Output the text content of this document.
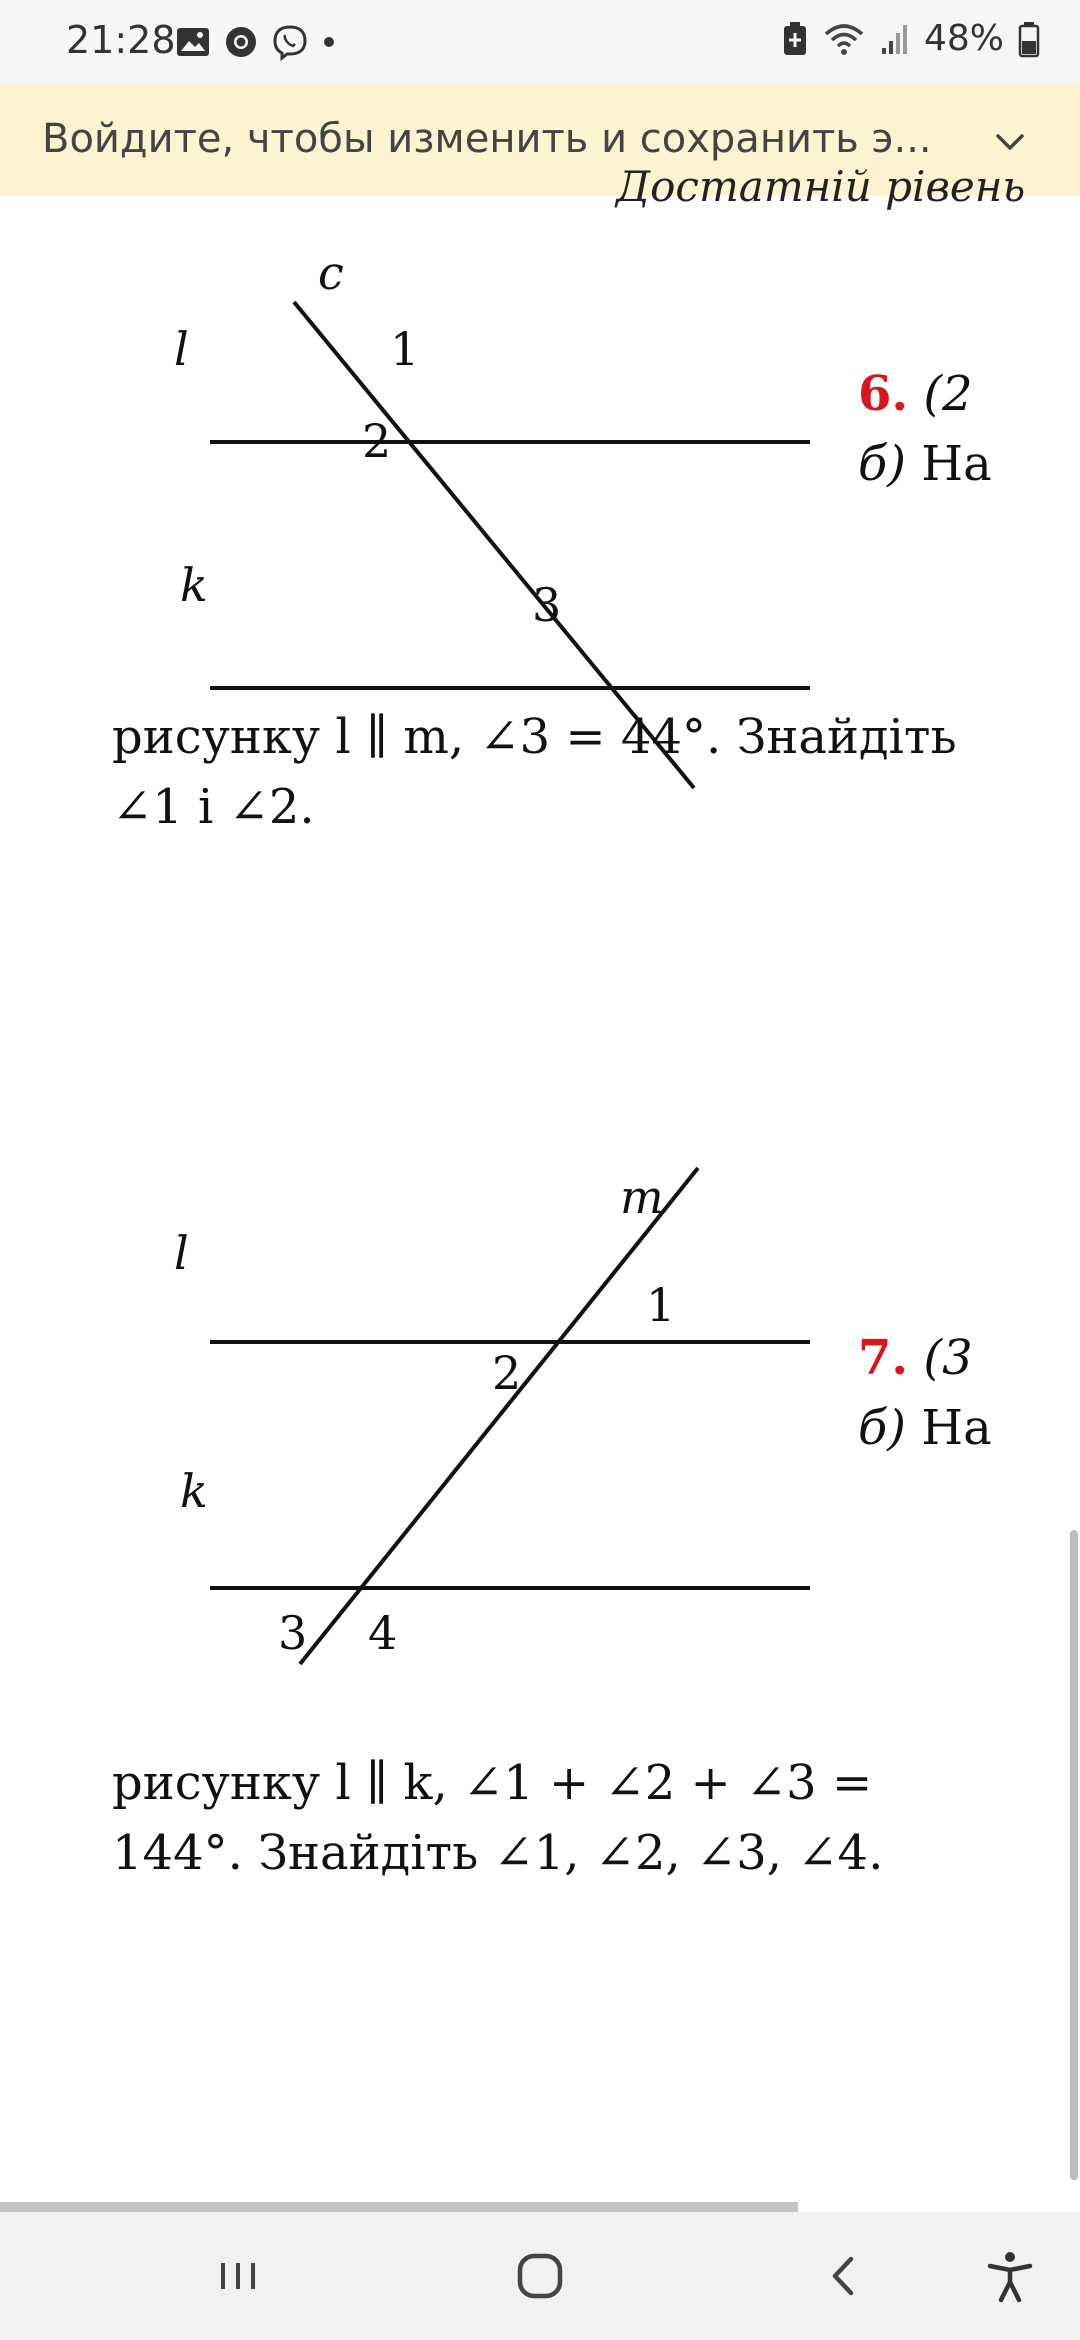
21:28	48%
Войдите, чтобы изменить и сохранить э...
Достатній рівень
c
l	1
2
k	3
6. (2
б) На
рисунку l ∥ m, ∠3 = 44°. Знайдіть
∠1 і ∠2.
m
l
1
2
k
3 4
7. (3
б) На
рисунку l ∥ k, ∠1 + ∠2 + ∠3 =
144°. Знайдіть ∠1, ∠2, ∠3, ∠4.
